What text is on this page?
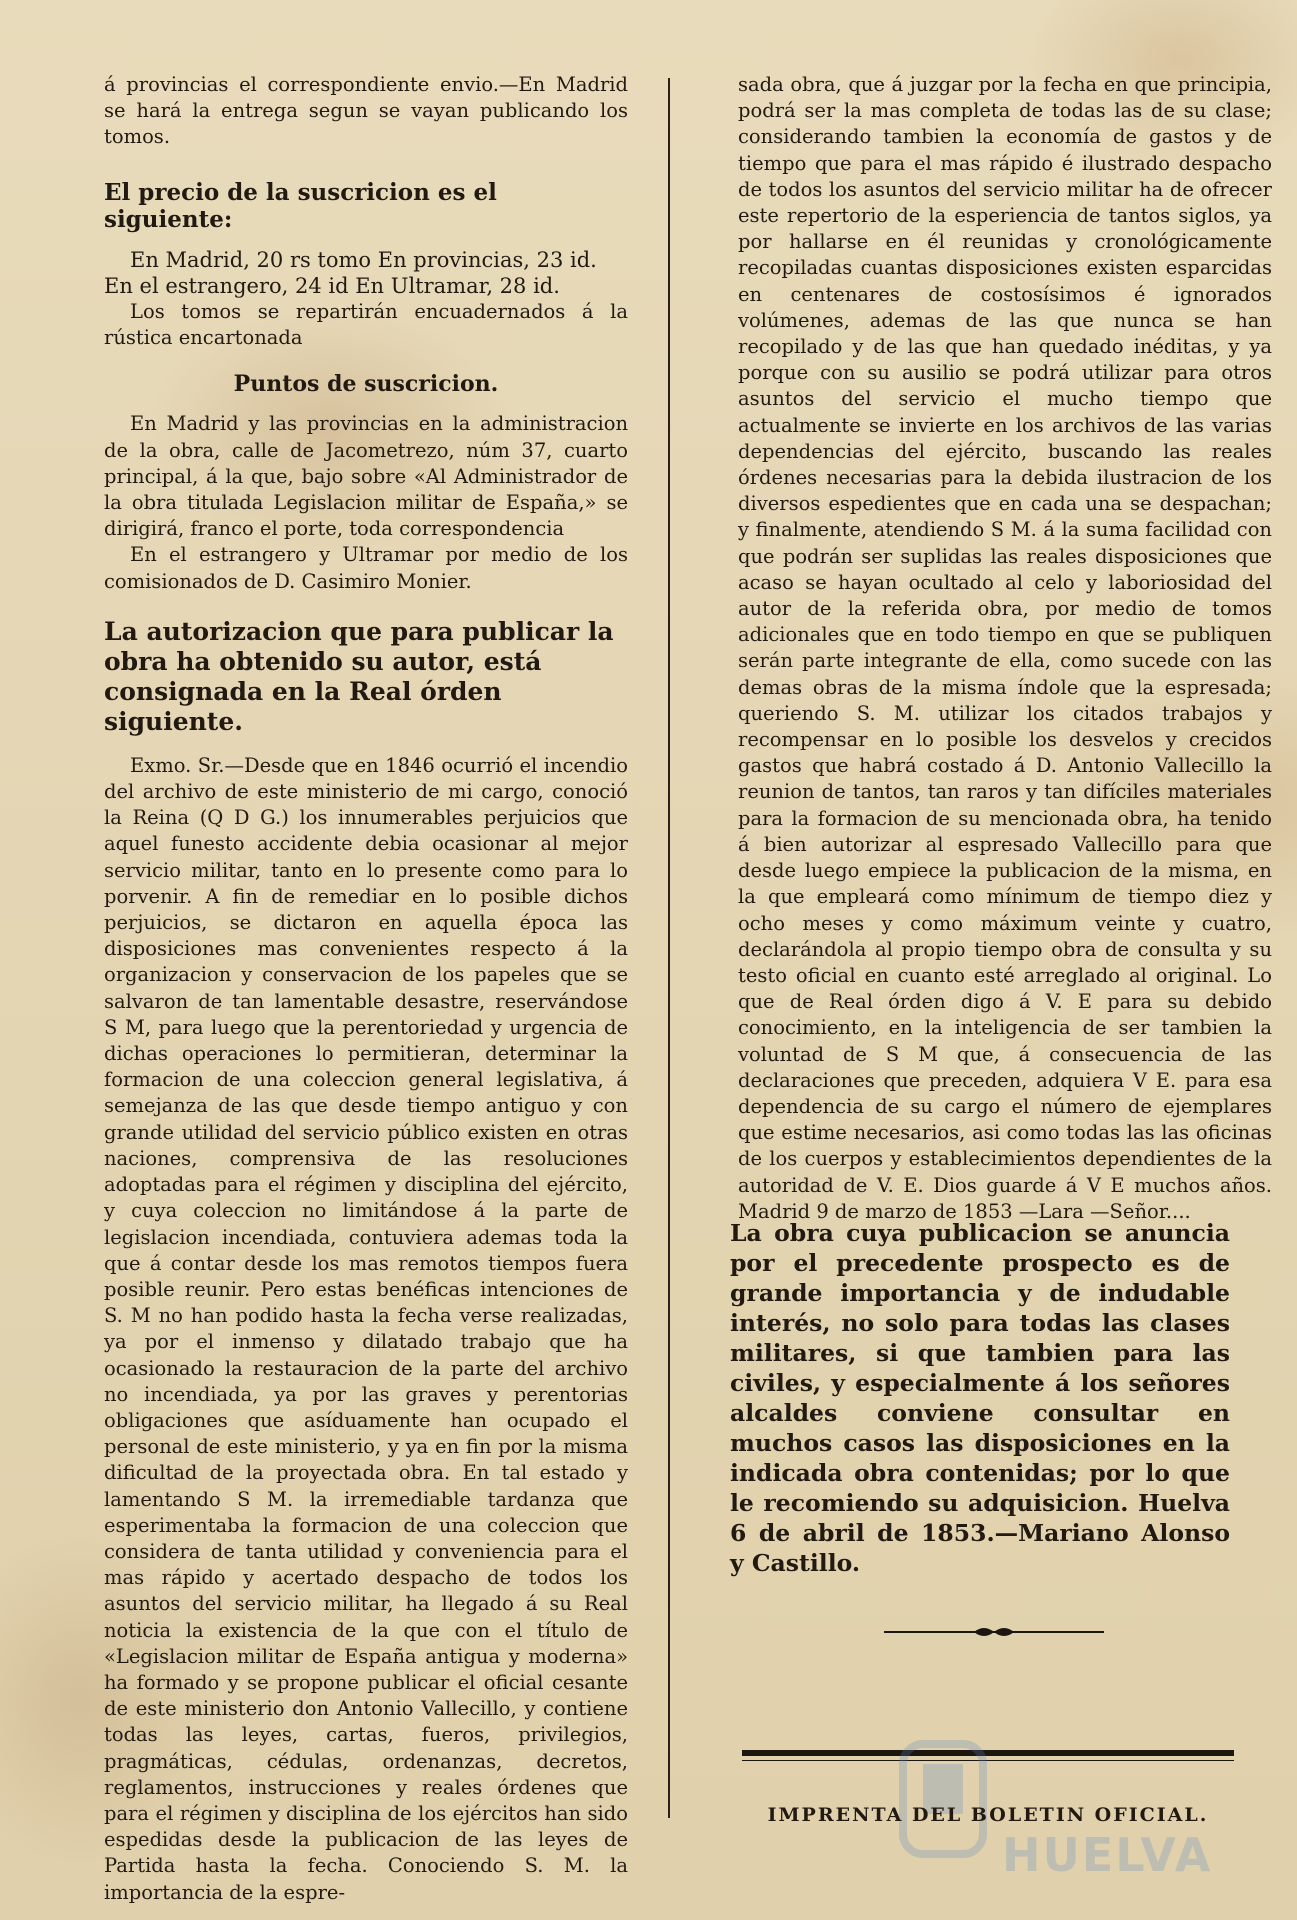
á provincias el correspondiente envio.—En Madrid se hará la entrega segun se vayan publicando los tomos.

El precio de la suscricion es el siguiente:

En Madrid, 20 rs tomo En provincias, 23 id.

En el estrangero, 24 id En Ultramar, 28 id.

Los tomos se repartirán encuadernados á la rústica encartonada

Puntos de suscricion.

En Madrid y las provincias en la administracion de la obra, calle de Jacometrezo, núm 37, cuarto principal, á la que, bajo sobre «Al Administrador de la obra titulada Legislacion militar de España,» se dirigirá, franco el porte, toda correspondencia

En el estrangero y Ultramar por medio de los comisionados de D. Casimiro Monier.

La autorizacion que para publicar la obra ha obtenido su autor, está consignada en la Real órden siguiente.

Exmo. Sr.—Desde que en 1846 ocurrió el incendio del archivo de este ministerio de mi cargo, conoció la Reina (Q D G.) los innumerables perjuicios que aquel funesto accidente debia ocasionar al mejor servicio militar, tanto en lo presente como para lo porvenir. A fin de remediar en lo posible dichos perjuicios, se dictaron en aquella época las disposiciones mas convenientes respecto á la organizacion y conservacion de los papeles que se salvaron de tan lamentable desastre, reservándose S M, para luego que la perentoriedad y urgencia de dichas operaciones lo permitieran, determinar la formacion de una coleccion general legislativa, á semejanza de las que desde tiempo antiguo y con grande utilidad del servicio público existen en otras naciones, comprensiva de las resoluciones adoptadas para el régimen y disciplina del ejército, y cuya coleccion no limitándose á la parte de legislacion incendiada, contuviera ademas toda la que á contar desde los mas remotos tiempos fuera posible reunir. Pero estas benéficas intenciones de S. M no han podido hasta la fecha verse realizadas, ya por el inmenso y dilatado trabajo que ha ocasionado la restauracion de la parte del archivo no incendiada, ya por las graves y perentorias obligaciones que asíduamente han ocupado el personal de este ministerio, y ya en fin por la misma dificultad de la proyectada obra. En tal estado y lamentando S M. la irremediable tardanza que esperimentaba la formacion de una coleccion que considera de tanta utilidad y conveniencia para el mas rápido y acertado despacho de todos los asuntos del servicio militar, ha llegado á su Real noticia la existencia de la que con el título de «Legislacion militar de España antigua y moderna» ha formado y se propone publicar el oficial cesante de este ministerio don Antonio Vallecillo, y contiene todas las leyes, cartas, fueros, privilegios, pragmáticas, cédulas, ordenanzas, decretos, reglamentos, instrucciones y reales órdenes que para el régimen y disciplina de los ejércitos han sido espedidas desde la publicacion de las leyes de Partida hasta la fecha. Conociendo S. M. la importancia de la espre-

sada obra, que á juzgar por la fecha en que principia, podrá ser la mas completa de todas las de su clase; considerando tambien la economía de gastos y de tiempo que para el mas rápido é ilustrado despacho de todos los asuntos del servicio militar ha de ofrecer este repertorio de la esperiencia de tantos siglos, ya por hallarse en él reunidas y cronológicamente recopiladas cuantas disposiciones existen esparcidas en centenares de costosísimos é ignorados volúmenes, ademas de las que nunca se han recopilado y de las que han quedado inéditas, y ya porque con su ausilio se podrá utilizar para otros asuntos del servicio el mucho tiempo que actualmente se invierte en los archivos de las varias dependencias del ejército, buscando las reales órdenes necesarias para la debida ilustracion de los diversos espedientes que en cada una se despachan; y finalmente, atendiendo S M. á la suma facilidad con que podrán ser suplidas las reales disposiciones que acaso se hayan ocultado al celo y laboriosidad del autor de la referida obra, por medio de tomos adicionales que en todo tiempo en que se publiquen serán parte integrante de ella, como sucede con las demas obras de la misma índole que la espresada; queriendo S. M. utilizar los citados trabajos y recompensar en lo posible los desvelos y crecidos gastos que habrá costado á D. Antonio Vallecillo la reunion de tantos, tan raros y tan difíciles materiales para la formacion de su mencionada obra, ha tenido á bien autorizar al espresado Vallecillo para que desde luego empiece la publicacion de la misma, en la que empleará como mínimum de tiempo diez y ocho meses y como máximum veinte y cuatro, declarándola al propio tiempo obra de consulta y su testo oficial en cuanto esté arreglado al original. Lo que de Real órden digo á V. E para su debido conocimiento, en la inteligencia de ser tambien la voluntad de S M que, á consecuencia de las declaraciones que preceden, adquiera V E. para esa dependencia de su cargo el número de ejemplares que estime necesarios, asi como todas las las oficinas de los cuerpos y establecimientos dependientes de la autoridad de V. E. Dios guarde á V E muchos años. Madrid 9 de marzo de 1853 —Lara —Señor....

La obra cuya publicacion se anuncia por el precedente prospecto es de grande importancia y de indudable interés, no solo para todas las clases militares, si que tambien para las civiles, y especialmente á los señores alcaldes conviene consultar en muchos casos las disposiciones en la indicada obra contenidas; por lo que le recomiendo su adquisicion. Huelva 6 de abril de 1853.—Mariano Alonso y Castillo.
HUELVA
IMPRENTA DEL BOLETIN OFICIAL.
